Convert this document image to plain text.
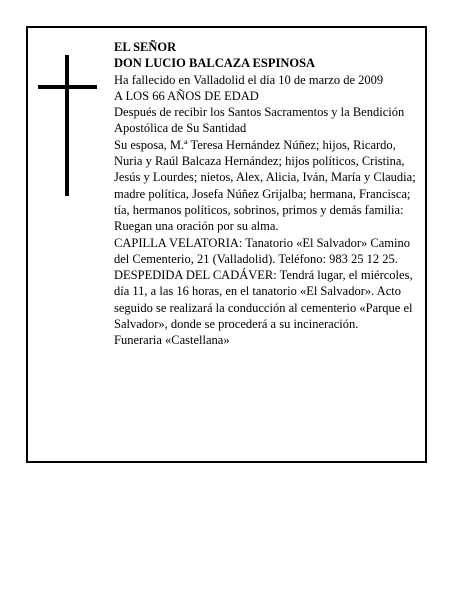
EL SEÑOR

DON LUCIO BALCAZA ESPINOSA

Ha fallecido en Valladolid el día 10 de marzo de 2009

A LOS 66 AÑOS DE EDAD

Después de recibir los Santos Sacramentos y la Bendición Apostólica de Su Santidad

Su esposa, M.ª Teresa Hernández Núñez; hijos, Ricardo, Nuria y Raúl Balcaza Hernández; hijos políticos, Cristina, Jesús y Lourdes; nietos, Alex, Alicia, Iván, María y Claudia; madre política, Josefa Núñez Grijalba; hermana, Francisca; tía, hermanos políticos, sobrinos, primos y demás familia:

Ruegan una oración por su alma.

CAPILLA VELATORIA: Tanatorio «El Salvador» Camino del Cementerio, 21 (Valladolid). Teléfono: 983 25 12 25.

DESPEDIDA DEL CADÁVER: Tendrá lugar, el miércoles, día 11, a las 16 horas, en el tanatorio «El Salvador». Acto seguido se realizará la conducción al cementerio «Parque el Salvador», donde se procederá a su incineración.

Funeraria «Castellana»
